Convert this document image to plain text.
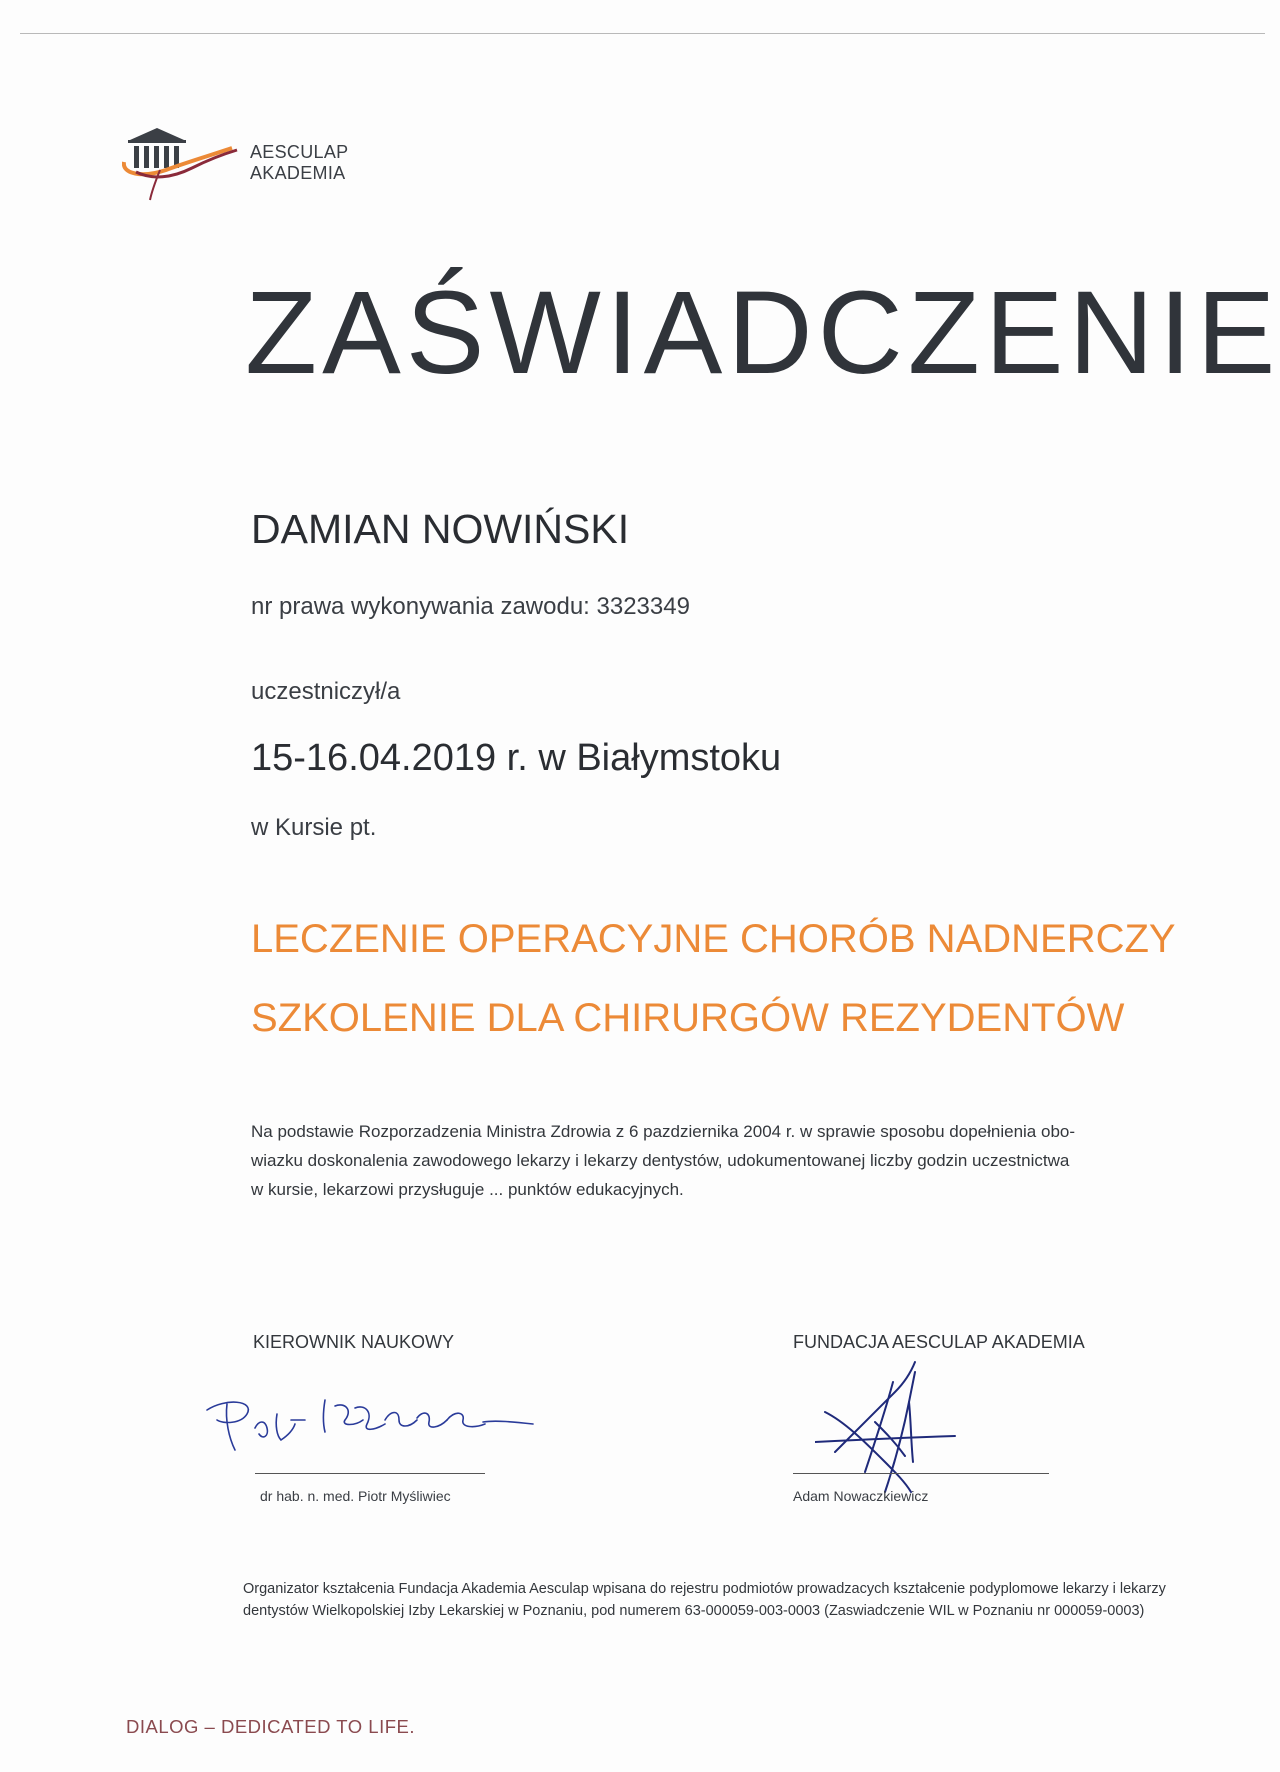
AESCULAP
AKADEMIA
ZAŚWIADCZENIE
DAMIAN NOWIŃSKI
nr prawa wykonywania zawodu: 3323349
uczestniczył/a
15-16.04.2019 r. w Białymstoku
w Kursie pt.
LECZENIE OPERACYJNE CHORÓB NADNERCZY
SZKOLENIE DLA CHIRURGÓW REZYDENTÓW
Na podstawie Rozporzadzenia Ministra Zdrowia z 6 pazdziernika 2004 r. w sprawie sposobu dopełnienia obo-
wiazku doskonalenia zawodowego lekarzy i lekarzy dentystów, udokumentowanej liczby godzin uczestnictwa
w kursie, lekarzowi przysługuje ... punktów edukacyjnych.
KIEROWNIK NAUKOWY	FUNDACJA AESCULAP AKADEMIA
dr hab. n. med. Piotr Myśliwiec	Adam Nowaczkiewicz
Organizator kształcenia Fundacja Akademia Aesculap wpisana do rejestru podmiotów prowadzacych kształcenie podyplomowe lekarzy i lekarzy
dentystów Wielkopolskiej Izby Lekarskiej w Poznaniu, pod numerem 63-000059-003-0003 (Zaswiadczenie WIL w Poznaniu nr 000059-0003)
DIALOG – DEDICATED TO LIFE.
